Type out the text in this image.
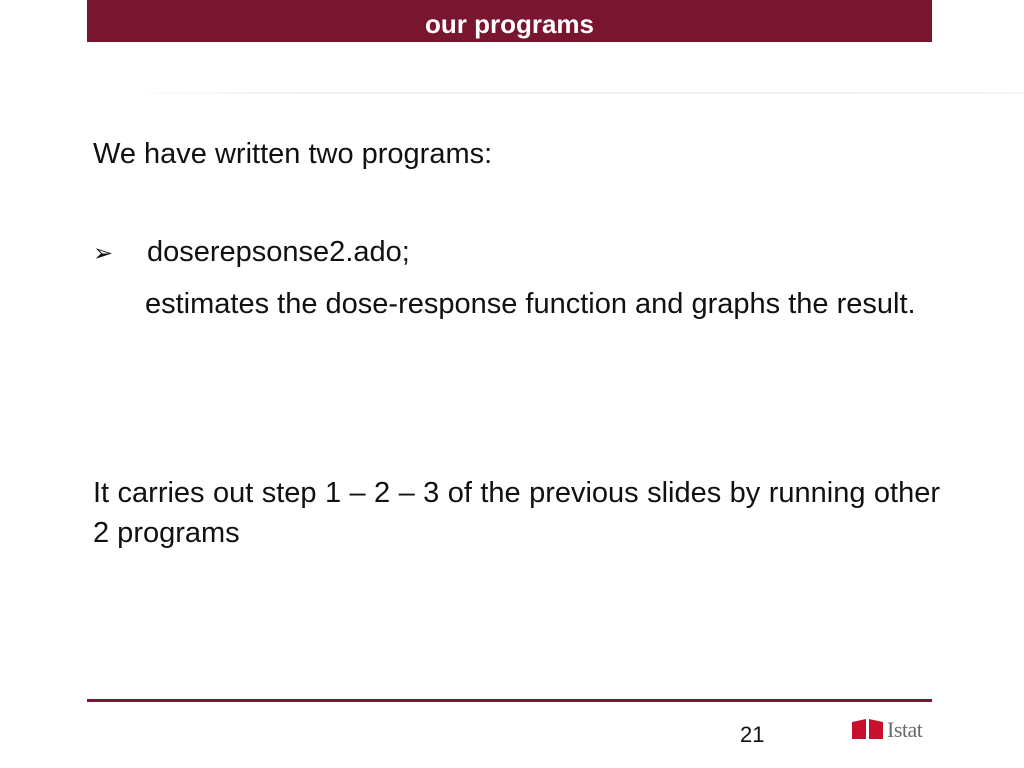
our programs
We have written two programs:
➢ doserepsonse2.ado;
estimates the dose-response function and graphs the result.
It carries out step 1 – 2 – 3 of the previous slides by running other 2 programs
21	Istat
